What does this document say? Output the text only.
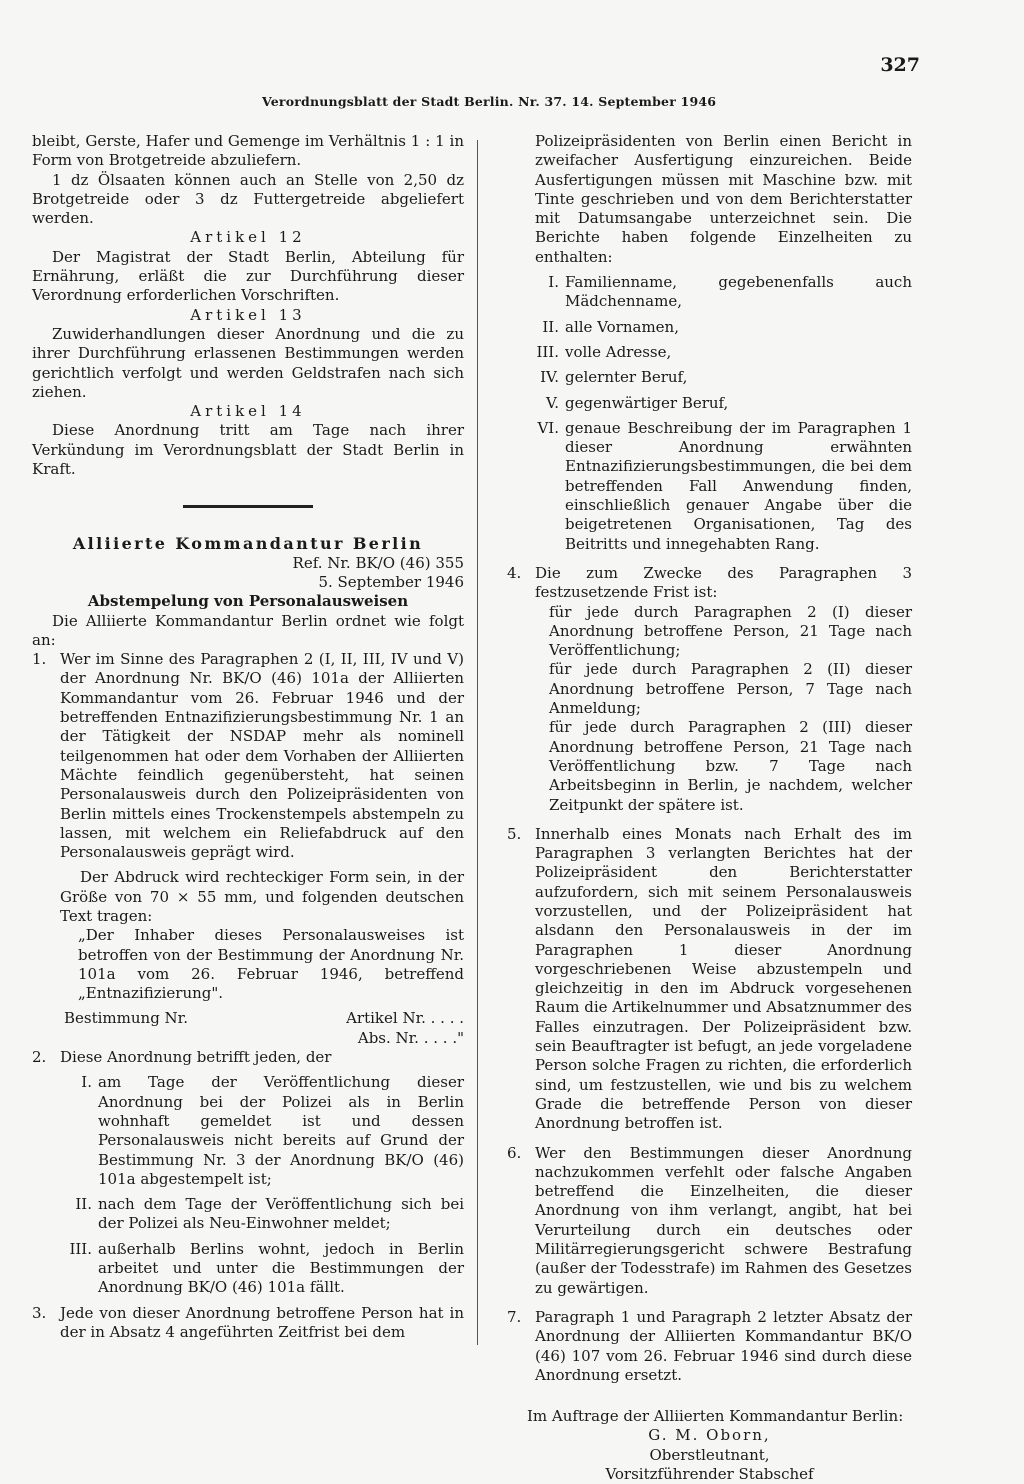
327
Verordnungsblatt der Stadt Berlin. Nr. 37. 14. September 1946

bleibt, Gerste, Hafer und Gemenge im Verhältnis 1 : 1 in Form von Brotgetreide abzuliefern.

1 dz Ölsaaten können auch an Stelle von 2,50 dz Brotgetreide oder 3 dz Futtergetreide abgeliefert werden.

Artikel 12

Der Magistrat der Stadt Berlin, Abteilung für Ernährung, erläßt die zur Durchführung dieser Verordnung erforderlichen Vorschriften.

Artikel 13

Zuwiderhandlungen dieser Anordnung und die zu ihrer Durchführung erlassenen Bestimmungen werden gerichtlich verfolgt und werden Geldstrafen nach sich ziehen.

Artikel 14

Diese Anordnung tritt am Tage nach ihrer Verkündung im Verordnungsblatt der Stadt Berlin in Kraft.

Alliierte Kommandantur Berlin

Ref. Nr. BK/O (46) 355

5. September 1946

Abstempelung von Personalausweisen

Die Alliierte Kommandantur Berlin ordnet wie folgt an:

1. Wer im Sinne des Paragraphen 2 (I, II, III, IV und V) der Anordnung Nr. BK/O (46) 101a der Alliierten Kommandantur vom 26. Februar 1946 und der betreffenden Entnazifizierungsbestimmung Nr. 1 an der Tätigkeit der NSDAP mehr als nominell teilgenommen hat oder dem Vorhaben der Alliierten Mächte feindlich gegenübersteht, hat seinen Personalausweis durch den Polizeipräsidenten von Berlin mittels eines Trockenstempels abstempeln zu lassen, mit welchem ein Reliefabdruck auf den Personalausweis geprägt wird.

Der Abdruck wird rechteckiger Form sein, in der Größe von 70 × 55 mm, und folgenden deutschen Text tragen:

„Der Inhaber dieses Personalausweises ist betroffen von der Bestimmung der Anordnung Nr. 101a vom 26. Februar 1946, betreffend „Entnazifizierung".

Bestimmung Nr.	Artikel Nr. . . . .
Abs. Nr. . . . ."
2. Diese Anordnung betrifft jeden, der
I. am Tage der Veröffentlichung dieser Anordnung bei der Polizei als in Berlin wohnhaft gemeldet ist und dessen Personalausweis nicht bereits auf Grund der Bestimmung Nr. 3 der Anordnung BK/O (46) 101a abgestempelt ist;
II. nach dem Tage der Veröffentlichung sich bei der Polizei als Neu-Einwohner meldet;
III. außerhalb Berlins wohnt, jedoch in Berlin arbeitet und unter die Bestimmungen der Anordnung BK/O (46) 101a fällt.
3. Jede von dieser Anordnung betroffene Person hat in der in Absatz 4 angeführten Zeitfrist bei dem

Polizeipräsidenten von Berlin einen Bericht in zweifacher Ausfertigung einzureichen. Beide Ausfertigungen müssen mit Maschine bzw. mit Tinte geschrieben und von dem Berichterstatter mit Datumsangabe unterzeichnet sein. Die Berichte haben folgende Einzelheiten zu enthalten:

I. Familienname, gegebenenfalls auch Mädchenname,
II. alle Vornamen,
III. volle Adresse,
IV. gelernter Beruf,
V. gegenwärtiger Beruf,
VI. genaue Beschreibung der im Paragraphen 1 dieser Anordnung erwähnten Entnazifizierungsbestimmungen, die bei dem betreffenden Fall Anwendung finden, einschließlich genauer Angabe über die beigetretenen Organisationen, Tag des Beitritts und innegehabten Rang.
4. Die zum Zwecke des Paragraphen 3 festzusetzende Frist ist:

für jede durch Paragraphen 2 (I) dieser Anordnung betroffene Person, 21 Tage nach Veröffentlichung;

für jede durch Paragraphen 2 (II) dieser Anordnung betroffene Person, 7 Tage nach Anmeldung;

für jede durch Paragraphen 2 (III) dieser Anordnung betroffene Person, 21 Tage nach Veröffentlichung bzw. 7 Tage nach Arbeitsbeginn in Berlin, je nachdem, welcher Zeitpunkt der spätere ist.

5. Innerhalb eines Monats nach Erhalt des im Paragraphen 3 verlangten Berichtes hat der Polizeipräsident den Berichterstatter aufzufordern, sich mit seinem Personalausweis vorzustellen, und der Polizeipräsident hat alsdann den Personalausweis in der im Paragraphen 1 dieser Anordnung vorgeschriebenen Weise abzustempeln und gleichzeitig in den im Abdruck vorgesehenen Raum die Artikelnummer und Absatznummer des Falles einzutragen. Der Polizeipräsident bzw. sein Beauftragter ist befugt, an jede vorgeladene Person solche Fragen zu richten, die erforderlich sind, um festzustellen, wie und bis zu welchem Grade die betreffende Person von dieser Anordnung betroffen ist.
6. Wer den Bestimmungen dieser Anordnung nachzukommen verfehlt oder falsche Angaben betreffend die Einzelheiten, die dieser Anordnung von ihm verlangt, angibt, hat bei Verurteilung durch ein deutsches oder Militärregierungsgericht schwere Bestrafung (außer der Todesstrafe) im Rahmen des Gesetzes zu gewärtigen.
7. Paragraph 1 und Paragraph 2 letzter Absatz der Anordnung der Alliierten Kommandantur BK/O (46) 107 vom 26. Februar 1946 sind durch diese Anordnung ersetzt.

Im Auftrage der Alliierten Kommandantur Berlin:

G. M. Oborn,

Oberstleutnant,

Vorsitzführender Stabschef
